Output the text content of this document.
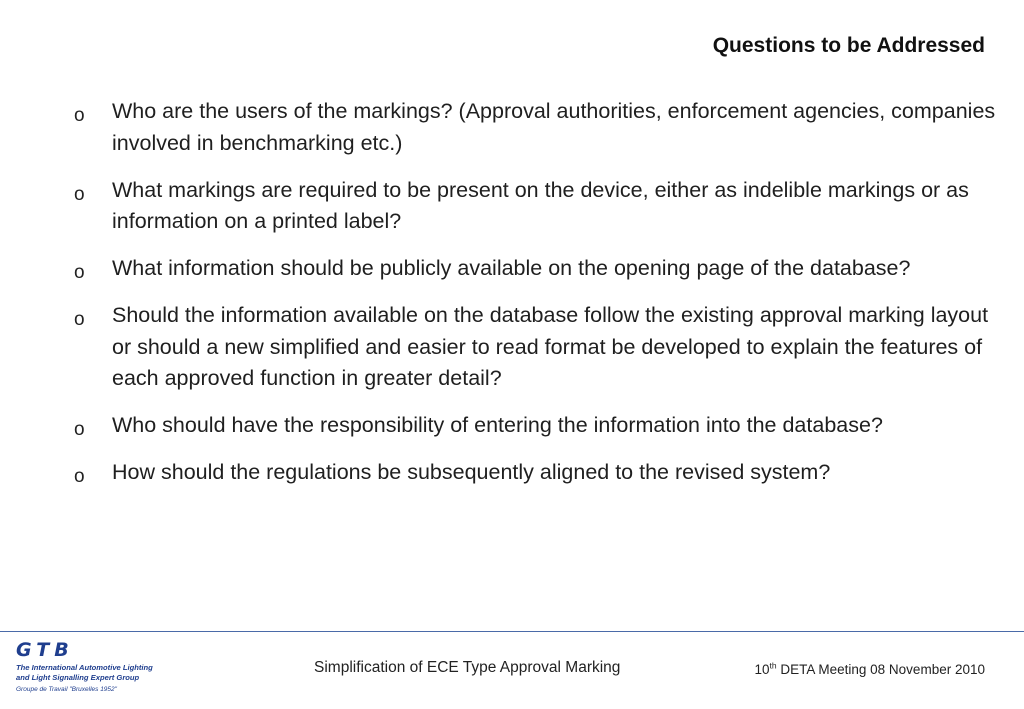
Questions to be Addressed
o Who are the users of the markings? (Approval authorities, enforcement agencies, companies involved in benchmarking etc.)
o What markings are required to be present on the device, either as indelible markings or as information on a printed label?
o What information should be publicly available on the opening page of the database?
o Should the information available on the database follow the existing approval marking layout or should a new simplified and easier to read format be developed to explain the features of each approved function in greater detail?
o Who should have the responsibility of entering the information into the database?
o How should the regulations be subsequently aligned to the revised system?
GTB
The International Automotive Lighting
and Light Signalling Expert Group
Groupe de Travail "Bruxelles 1952"
Simplification of ECE Type Approval Marking	10th DETA Meeting 08 November 2010
